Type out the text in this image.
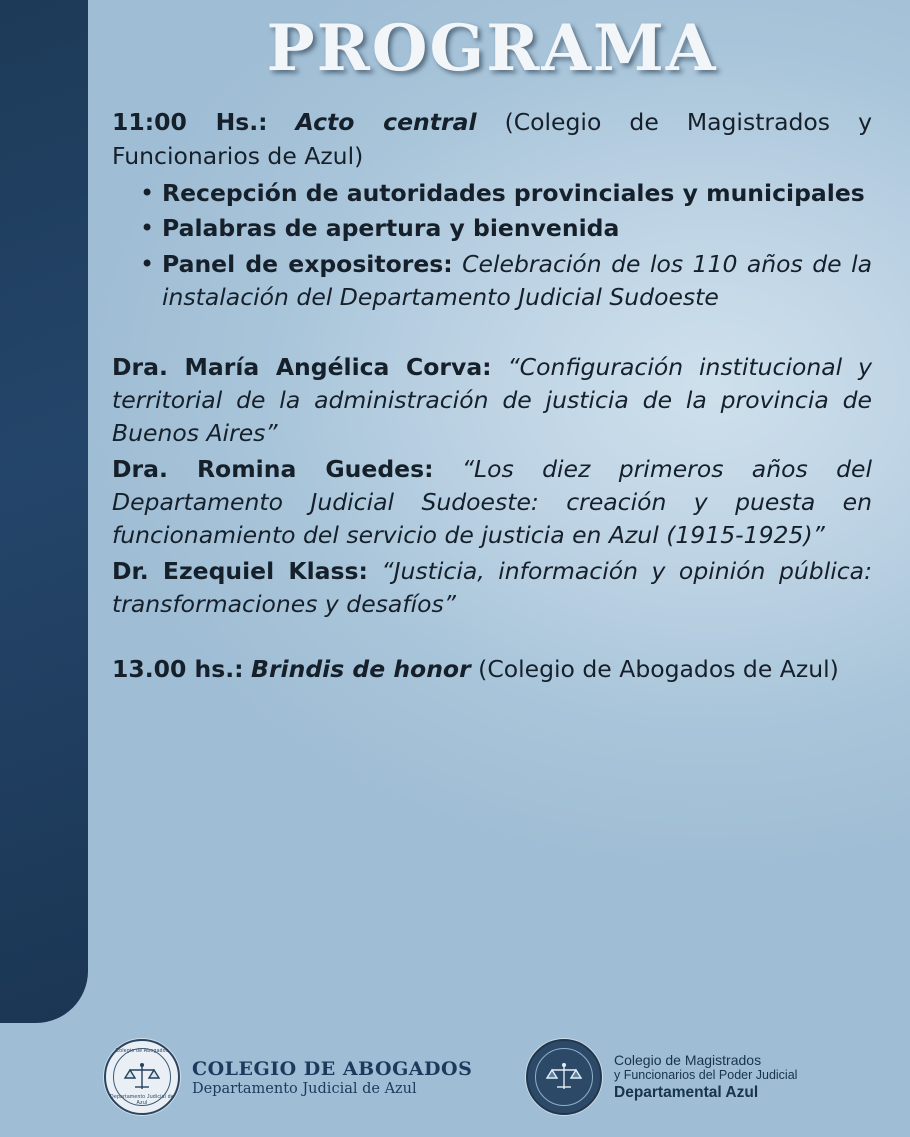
PROGRAMA

11:00 Hs.: Acto central (Colegio de Magistrados y Funcionarios de Azul)

• Recepción de autoridades provinciales y municipales
• Palabras de apertura y bienvenida
• Panel de expositores: Celebración de los 110 años de la instalación del Departamento Judicial Sudoeste

Dra. María Angélica Corva: “Configuración institucional y territorial de la administración de justicia de la provincia de Buenos Aires”

Dra. Romina Guedes: “Los diez primeros años del Departamento Judicial Sudoeste: creación y puesta en funcionamiento del servicio de justicia en Azul (1915-1925)”

Dr. Ezequiel Klass: “Justicia, información y opinión pública: transformaciones y desafíos”

13.00 hs.: Brindis de honor (Colegio de Abogados de Azul)

Colegio de Abogados
Departamento Judicial de Azul
COLEGIO DE ABOGADOS
Departamento Judicial de Azul
Colegio de Magistrados
y Funcionarios del Poder Judicial
Departamental Azul
